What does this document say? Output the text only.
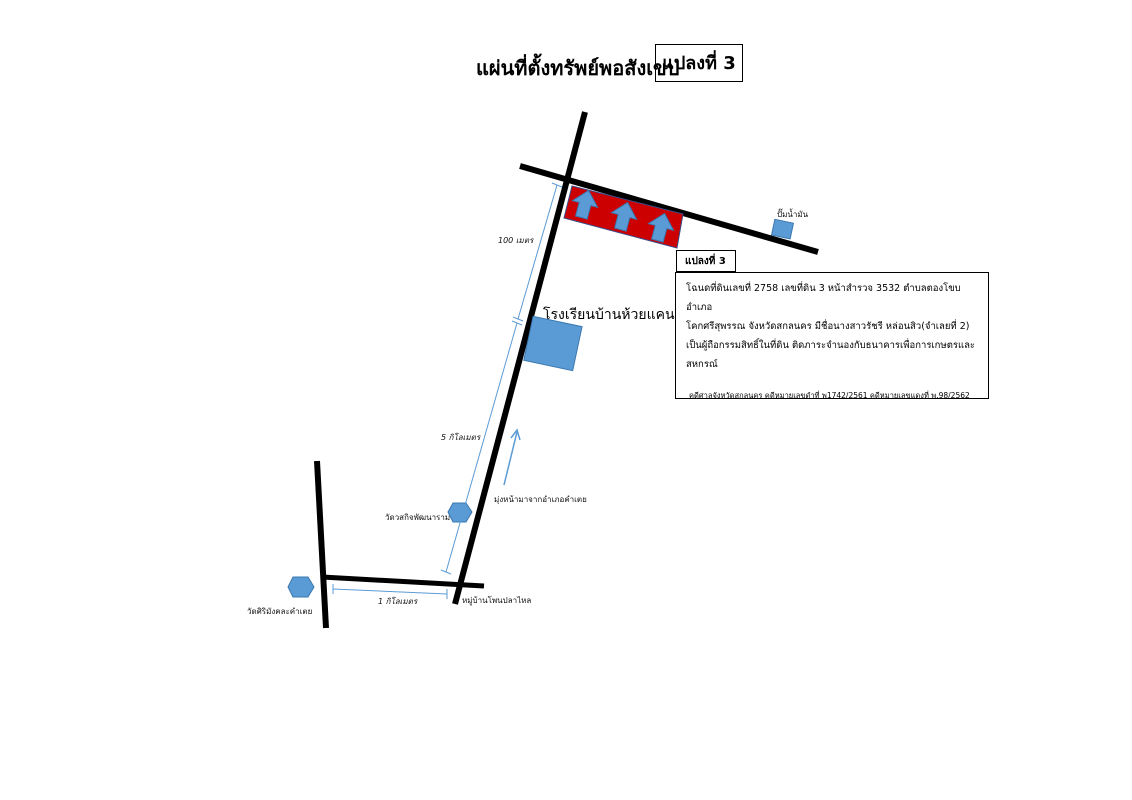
แผ่นที่ตั้งทรัพย์พอสังเขป
แปลงที่ 3
ปั๊มน้ำมัน
100 เมตร
โรงเรียนบ้านห้วยแคน
5 กิโลเมตร
มุ่งหน้ามาจากอำเภอคำเตย
วัดวสกิจพัฒนาราม
วัดศิริมังคละคำเตย
1 กิโลเมตร	หมู่บ้านโพนปลาไหล
แปลงที่ 3
โฉนดที่ดินเลขที่ 2758 เลขที่ดิน 3 หน้าสำรวจ 3532 ตำบลตองโขบ อำเภอ
โคกศรีสุพรรณ จังหวัดสกลนคร มีชื่อนางสาวรัชรี หล่อนสิว(จำเลยที่ 2)
เป็นผู้ถือกรรมสิทธิ์ในที่ดิน ติดภาระจำนองกับธนาคารเพื่อการเกษตรและ
สหกรณ์
คดีศาลจังหวัดสกลนคร คดีหมายเลขดำที่ พ1742/2561 คดีหมายเลขแดงที่ พ.98/2562
